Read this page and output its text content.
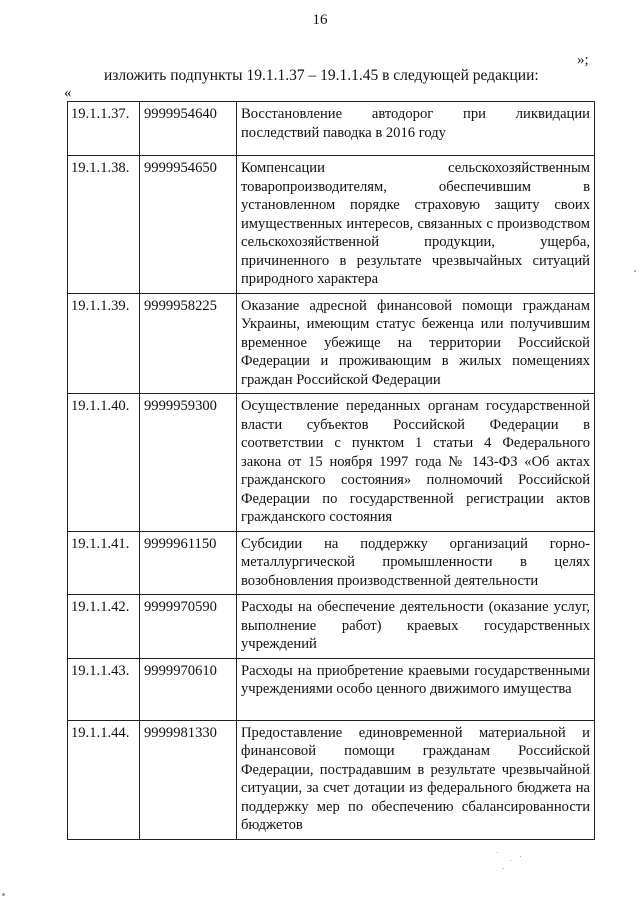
16
»;
изложить подпункты 19.1.1.37 – 19.1.1.45 в следующей редакции:
«
19.1.1.37.	9999954640	Восстановление автодорог при ликвидации последствий паводка в 2016 году
19.1.1.38.	9999954650	Компенсации сельскохозяйственным товаропроизводителям, обеспечившим в установленном порядке страховую защиту своих имущественных интересов, связанных с производством сельскохозяйственной продукции, ущерба, причиненного в результате чрезвычайных ситуаций природного характера
19.1.1.39.	9999958225	Оказание адресной финансовой помощи гражданам Украины, имеющим статус беженца или получившим временное убежище на территории Российской Федерации и проживающим в жилых помещениях граждан Российской Федерации
19.1.1.40.	9999959300	Осуществление переданных органам государственной власти субъектов Российской Федерации в соответствии с пунктом 1 статьи 4 Федерального закона от 15 ноября 1997 года № 143-ФЗ «Об актах гражданского состояния» полномочий Российской Федерации по государственной регистрации актов гражданского состояния
19.1.1.41.	9999961150	Субсидии на поддержку организаций горно-металлургической промышленности в целях возобновления производственной деятельности
19.1.1.42.	9999970590	Расходы на обеспечение деятельности (оказание услуг, выполнение работ) краевых государственных учреждений
19.1.1.43.	9999970610	Расходы на приобретение краевыми государственными учреждениями особо ценного движимого имущества
19.1.1.44.	9999981330	Предоставление единовременной материальной и финансовой помощи гражданам Российской Федерации, пострадавшим в результате чрезвычайной ситуации, за счет дотации из федерального бюджета на поддержку мер по обеспечению сбалансированности бюджетов
